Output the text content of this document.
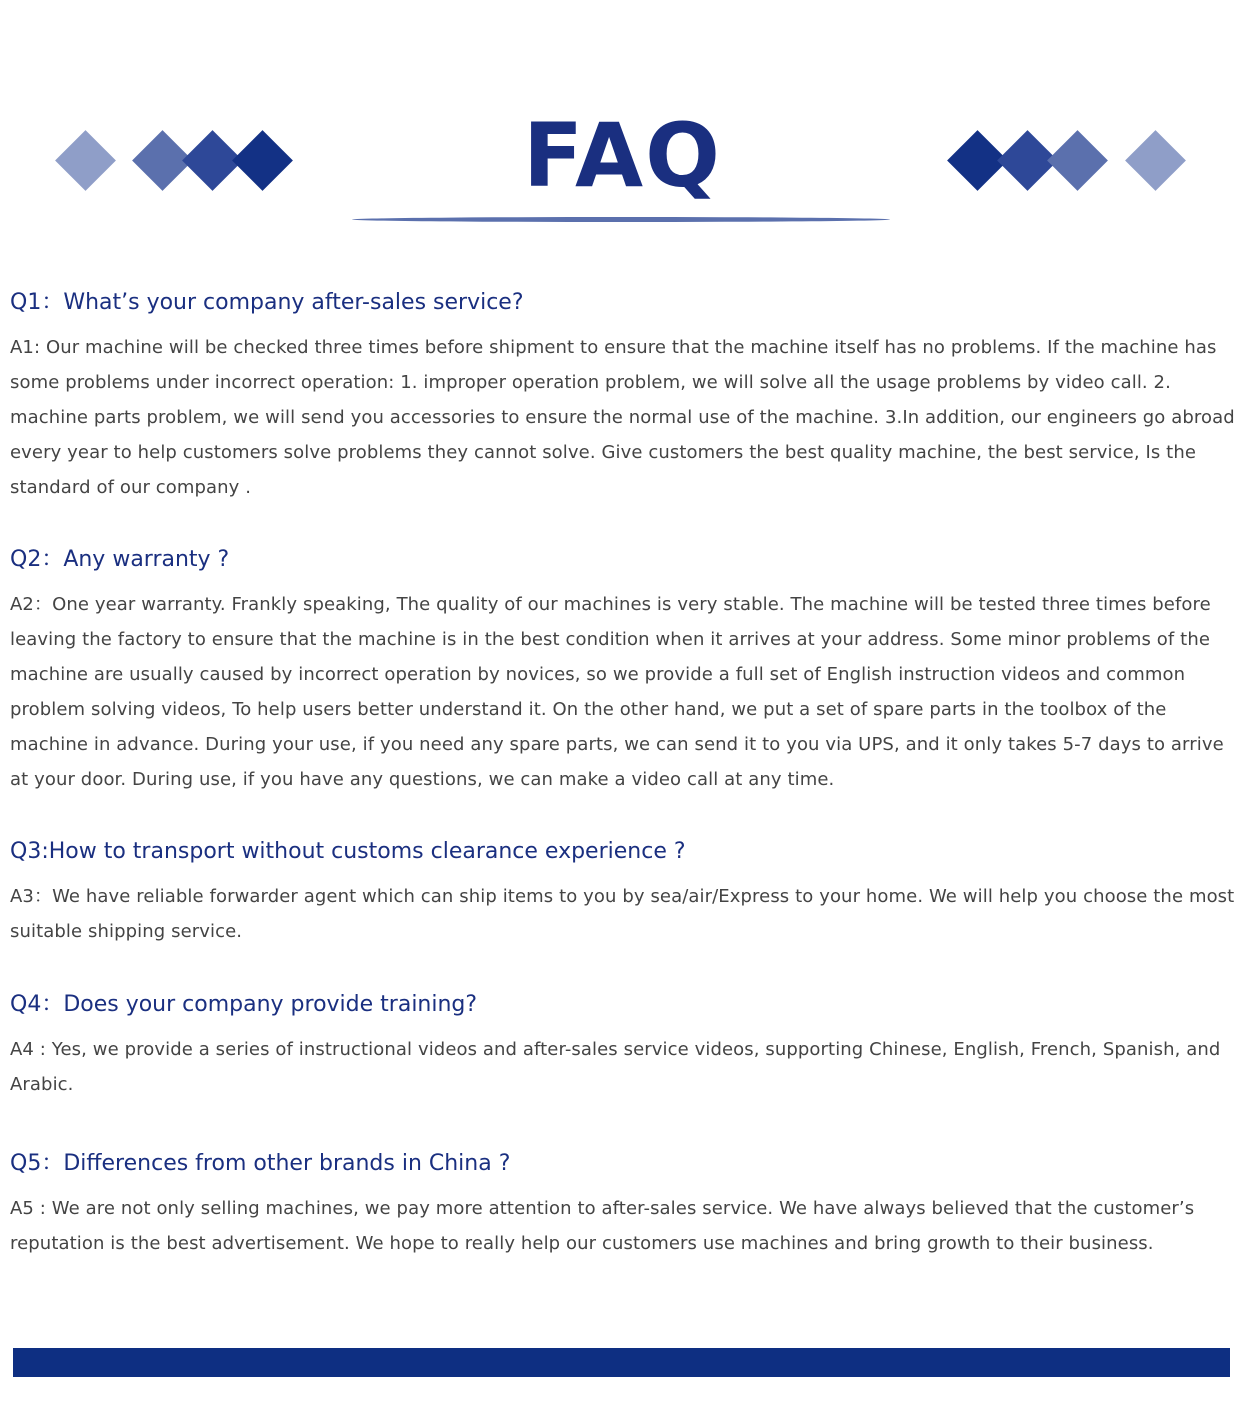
FAQ
Q1：What’s your company after-sales service?

A1: Our machine will be checked three times before shipment to ensure that the machine itself has no problems. If the machine has some problems under incorrect operation: 1. improper operation problem, we will solve all the usage problems by video call. 2. machine parts problem, we will send you accessories to ensure the normal use of the machine. 3.In addition, our engineers go abroad every year to help customers solve problems they cannot solve. Give customers the best quality machine, the best service, Is the standard of our company .

Q2：Any warranty ?

A2：One year warranty. Frankly speaking, The quality of our machines is very stable. The machine will be tested three times before leaving the factory to ensure that the machine is in the best condition when it arrives at your address. Some minor problems of the machine are usually caused by incorrect operation by novices, so we provide a full set of English instruction videos and common problem solving videos, To help users better understand it. On the other hand, we put a set of spare parts in the toolbox of the machine in advance. During your use, if you need any spare parts, we can send it to you via UPS, and it only takes 5-7 days to arrive at your door. During use, if you have any questions, we can make a video call at any time.

Q3:How to transport without customs clearance experience ?

A3：We have reliable forwarder agent which can ship items to you by sea/air/Express to your home. We will help you choose the most suitable shipping service.

Q4：Does your company provide training?

A4 : Yes, we provide a series of instructional videos and after-sales service videos, supporting Chinese, English, French, Spanish, and Arabic.

Q5：Differences from other brands in China ?

A5 : We are not only selling machines, we pay more attention to after-sales service. We have always believed that the customer’s reputation is the best advertisement. We hope to really help our customers use machines and bring growth to their business.
